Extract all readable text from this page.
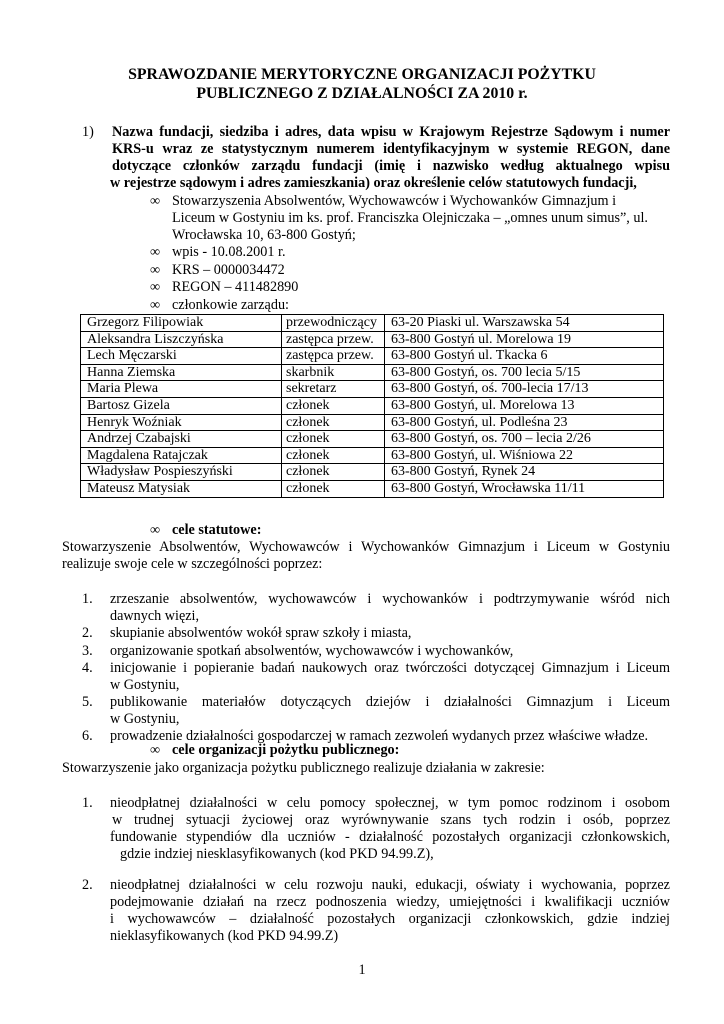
SPRAWOZDANIE MERYTORYCZNE ORGANIZACJI POŻYTKU
PUBLICZNEGO Z DZIAŁALNOŚCI ZA 2010 r.
1) Nazwa fundacji, siedziba i adres, data wpisu w Krajowym Rejestrze Sądowym i numer
KRS-u wraz ze statystycznym numerem identyfikacyjnym w systemie REGON, dane
dotyczące członków zarządu fundacji (imię i nazwisko według aktualnego wpisu
w rejestrze sądowym i adres zamieszkania) oraz określenie celów statutowych fundacji,
∞ Stowarzyszenia Absolwentów, Wychowawców i Wychowanków Gimnazjum i
Liceum w Gostyniu im ks. prof. Franciszka Olejniczaka – „omnes unum simus”, ul.
Wrocławska 10, 63-800 Gostyń;
∞ wpis - 10.08.2001 r.
∞ KRS – 0000034472
∞ REGON – 411482890
∞ członkowie zarządu:
Grzegorz Filipowiak	przewodniczący	63-20 Piaski ul. Warszawska 54
Aleksandra Liszczyńska	zastępca przew.	63-800 Gostyń ul. Morelowa 19
Lech Męczarski	zastępca przew.	63-800 Gostyń ul. Tkacka 6
Hanna Ziemska	skarbnik	63-800 Gostyń, os. 700 lecia 5/15
Maria Plewa	sekretarz	63-800 Gostyń, oś. 700-lecia 17/13
Bartosz Gizela	członek	63-800 Gostyń, ul. Morelowa 13
Henryk Woźniak	członek	63-800 Gostyń, ul. Podleśna 23
Andrzej Czabajski	członek	63-800 Gostyń, os. 700 – lecia 2/26
Magdalena Ratajczak	członek	63-800 Gostyń, ul. Wiśniowa 22
Władysław Pospieszyński	członek	63-800 Gostyń, Rynek 24
Mateusz Matysiak	członek	63-800 Gostyń, Wrocławska 11/11
∞ cele statutowe:
Stowarzyszenie Absolwentów, Wychowawców i Wychowanków Gimnazjum i Liceum w Gostyniu
realizuje swoje cele w szczególności poprzez:
1. zrzeszanie absolwentów, wychowawców i wychowanków i podtrzymywanie wśród nich
dawnych więzi,
2. skupianie absolwentów wokół spraw szkoły i miasta,
3. organizowanie spotkań absolwentów, wychowawców i wychowanków,
4. inicjowanie i popieranie badań naukowych oraz twórczości dotyczącej Gimnazjum i Liceum
w Gostyniu,
5. publikowanie materiałów dotyczących dziejów i działalności Gimnazjum i Liceum
w Gostyniu,
6. prowadzenie działalności gospodarczej w ramach zezwoleń wydanych przez właściwe władze.
∞ cele organizacji pożytku publicznego:
Stowarzyszenie jako organizacja pożytku publicznego realizuje działania w zakresie:
1. nieodpłatnej działalności w celu pomocy społecznej, w tym pomoc rodzinom i osobom
w trudnej sytuacji życiowej oraz wyrównywanie szans tych rodzin i osób, poprzez
fundowanie stypendiów dla uczniów - działalność pozostałych organizacji członkowskich,
gdzie indziej niesklasyfikowanych (kod PKD 94.99.Z),
2. nieodpłatnej działalności w celu rozwoju nauki, edukacji, oświaty i wychowania, poprzez
podejmowanie działań na rzecz podnoszenia wiedzy, umiejętności i kwalifikacji uczniów
i wychowawców – działalność pozostałych organizacji członkowskich, gdzie indziej
nieklasyfikowanych (kod PKD 94.99.Z)
1
